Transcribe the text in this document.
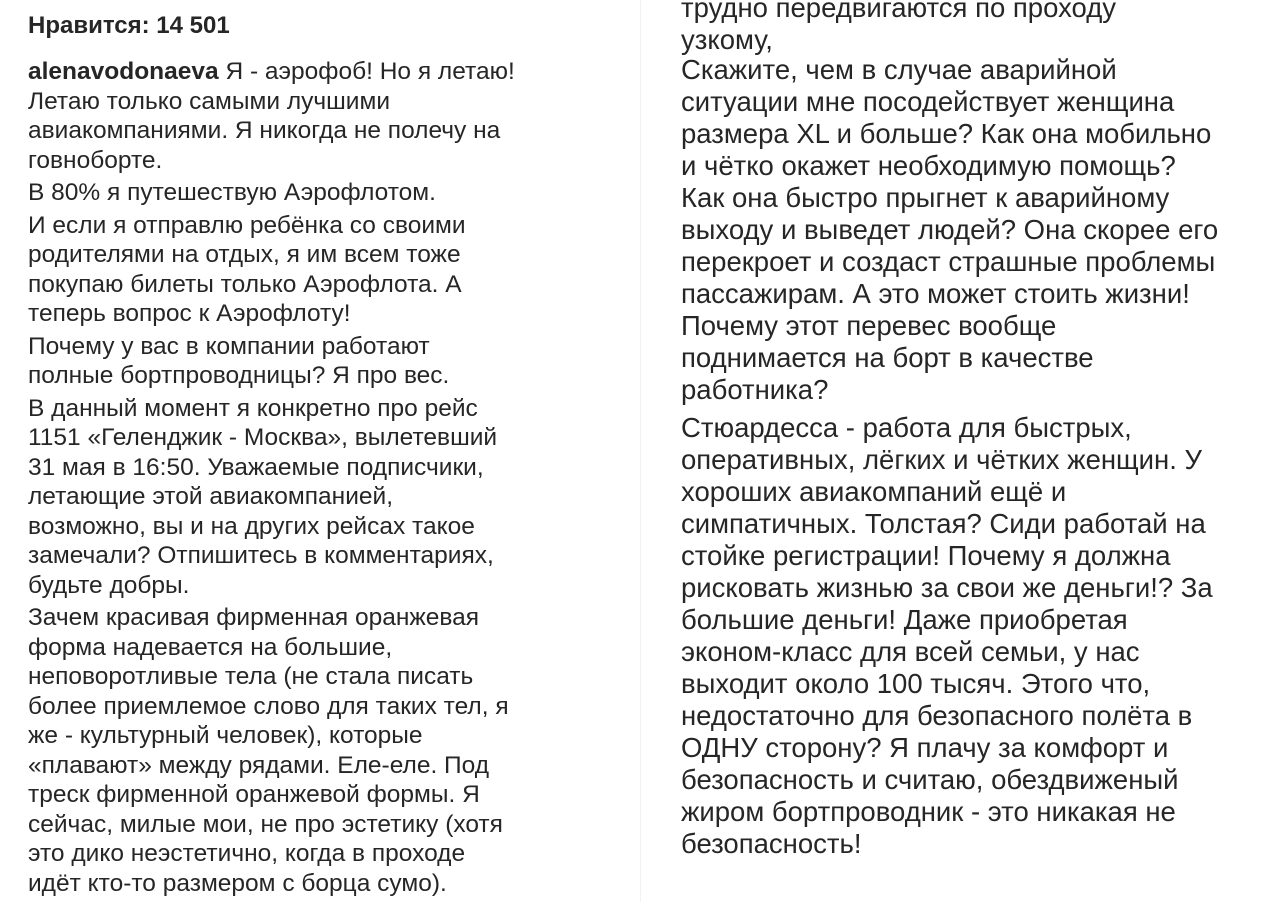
Нравится: 14 501

alenavodonaeva Я - аэрофоб! Но я летаю!
Летаю только самыми лучшими
авиакомпаниями. Я никогда не полечу на
говнoборте.

В 80% я путешествую Аэрофлотом.

И если я отправлю ребёнка со своими
родителями на отдых, я им всем тоже
покупаю билеты только Аэрофлота. А
теперь вопрос к Аэрофлоту!

Почему у вас в компании работают
полные бортпроводницы? Я про вес.

В данный момент я конкретно про рейс
1151 «Геленджик - Москва», вылетевший
31 мая в 16:50. Уважаемые подписчики,
летающие этой авиакомпанией,
возможно, вы и на других рейсах такое
замечали? Отпишитесь в комментариях,
будьте добры.

Зачем красивая фирменная оранжевая
форма надевается на большие,
неповоротливые тела (не стала писать
более приемлемое слово для таких тел, я
же - культурный человек), которые
«плавают» между рядами. Еле-еле. Под
треск фирменной оранжевой формы. Я
сейчас, милые мои, не про эстетику (хотя
это дико неэстетично, когда в проходе
идёт кто-то размером с борца сумо).

трудно передвигаются по проходу узкому,

Скажите, чем в случае аварийной
ситуации мне посодействует женщина
размера XL и больше? Как она мобильно
и чётко окажет необходимую помощь?
Как она быстро прыгнет к аварийному
выходу и выведет людей? Она скорее его
перекроет и создаст страшные проблемы
пассажирам. А это может стоить жизни!
Почему этот перевес вообще
поднимается на борт в качестве
работника?

Стюардесса - работа для быстрых,
оперативных, лёгких и чётких женщин. У
хороших авиакомпаний ещё и
симпатичных. Толстая? Сиди работай на
стойке регистрации! Почему я должна
рисковать жизнью за свои же деньги!? За
большие деньги! Даже приобретая
эконом-класс для всей семьи, у нас
выходит около 100 тысяч. Этого что,
недостаточно для безопасного полёта в
ОДНУ сторону? Я плачу за комфорт и
безопасность и считаю, обездвиженый
жиром бортпроводник - это никакая не
безопасность!
